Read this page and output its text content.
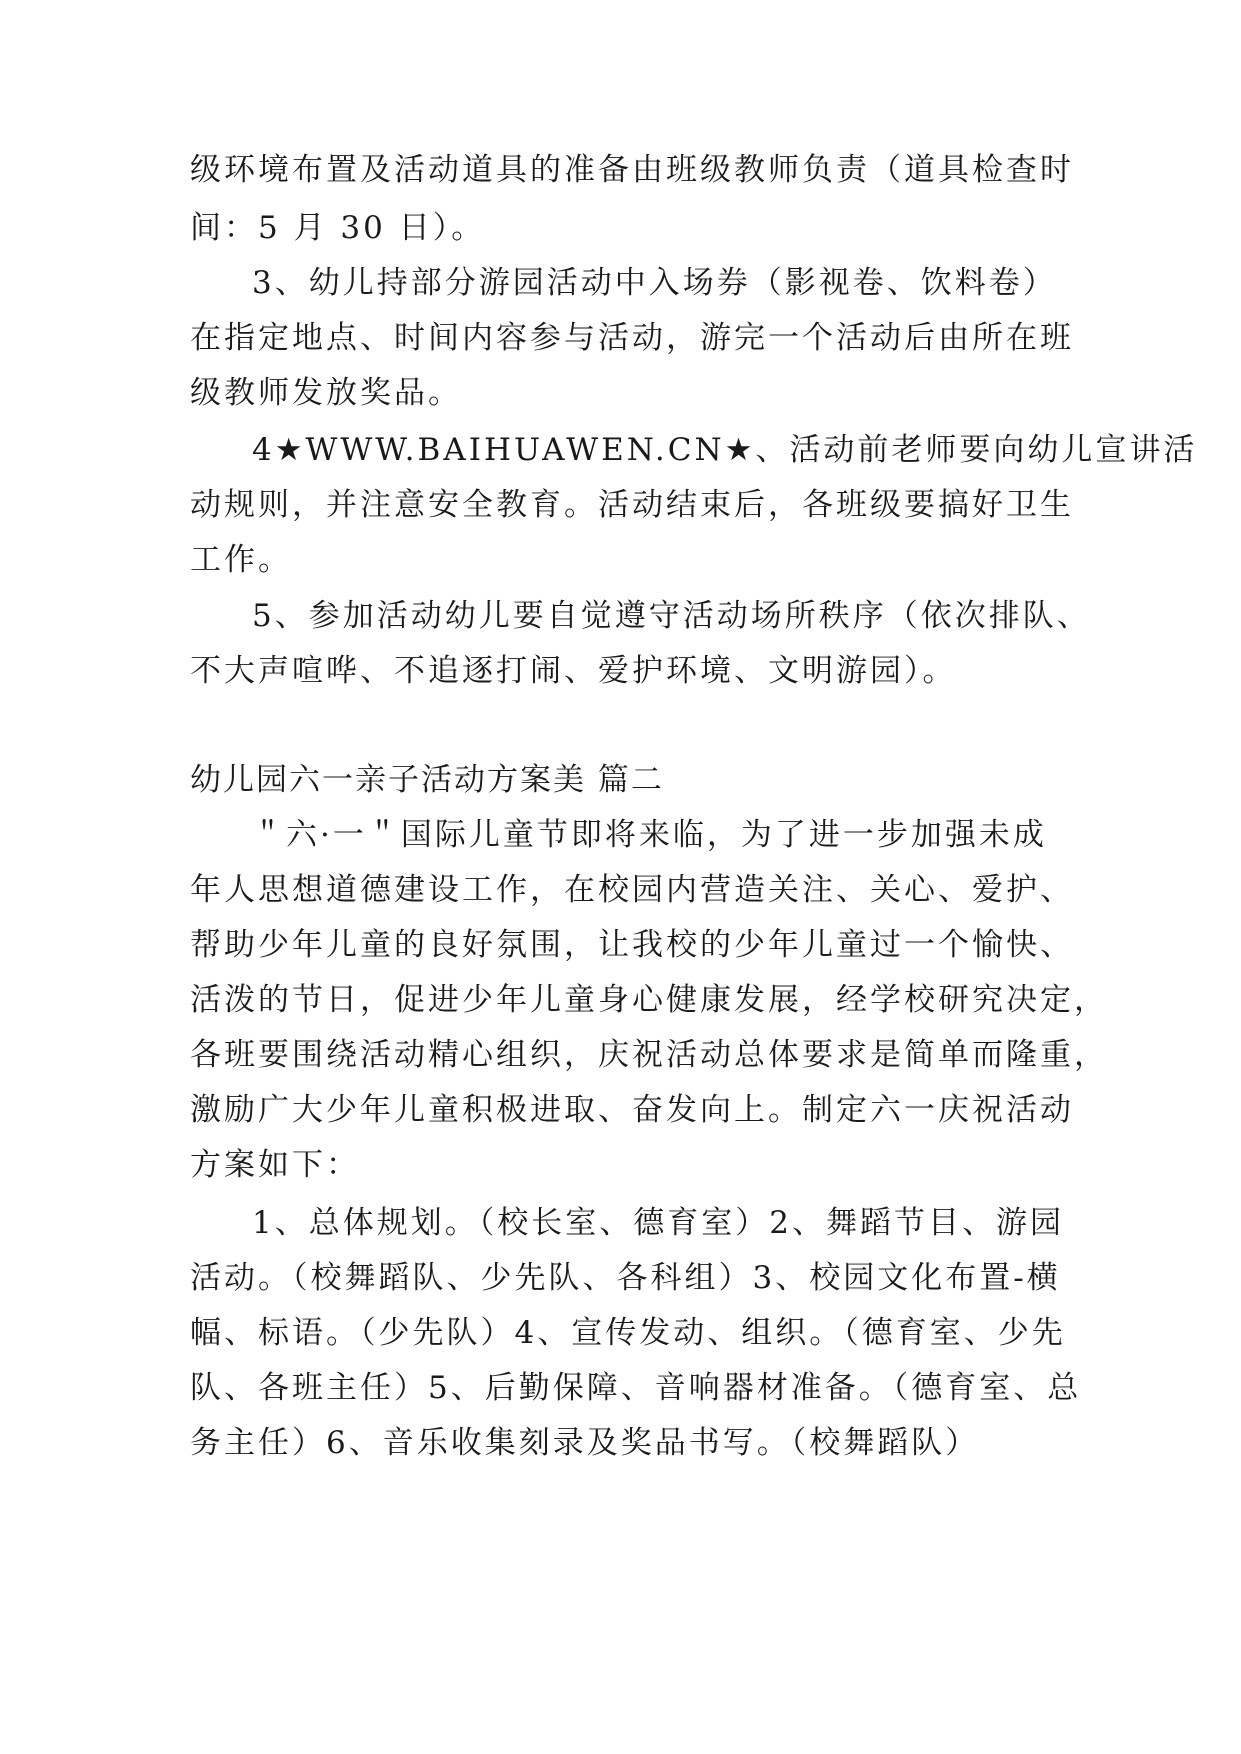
级环境布置及活动道具的准备由班级教师负责（道具检查时
间：5 月 30 日）。
3、幼儿持部分游园活动中入场券（影视卷、饮料卷）
在指定地点、时间内容参与活动，游完一个活动后由所在班
级教师发放奖品。
4★WWW.BAIHUAWEN.CN★、活动前老师要向幼儿宣讲活
动规则，并注意安全教育。活动结束后，各班级要搞好卫生
工作。
5、参加活动幼儿要自觉遵守活动场所秩序（依次排队、
不大声喧哗、不追逐打闹、爱护环境、文明游园）。
幼儿园六一亲子活动方案美 篇二
＂六·一＂国际儿童节即将来临，为了进一步加强未成
年人思想道德建设工作，在校园内营造关注、关心、爱护、
帮助少年儿童的良好氛围，让我校的少年儿童过一个愉快、
活泼的节日，促进少年儿童身心健康发展，经学校研究决定，
各班要围绕活动精心组织，庆祝活动总体要求是简单而隆重，
激励广大少年儿童积极进取、奋发向上。制定六一庆祝活动
方案如下：
1、总体规划。（校长室、德育室）2、舞蹈节目、游园
活动。（校舞蹈队、少先队、各科组）3、校园文化布置-横
幅、标语。（少先队）4、宣传发动、组织。（德育室、少先
队、各班主任）5、后勤保障、音响器材准备。（德育室、总
务主任）6、音乐收集刻录及奖品书写。（校舞蹈队）
